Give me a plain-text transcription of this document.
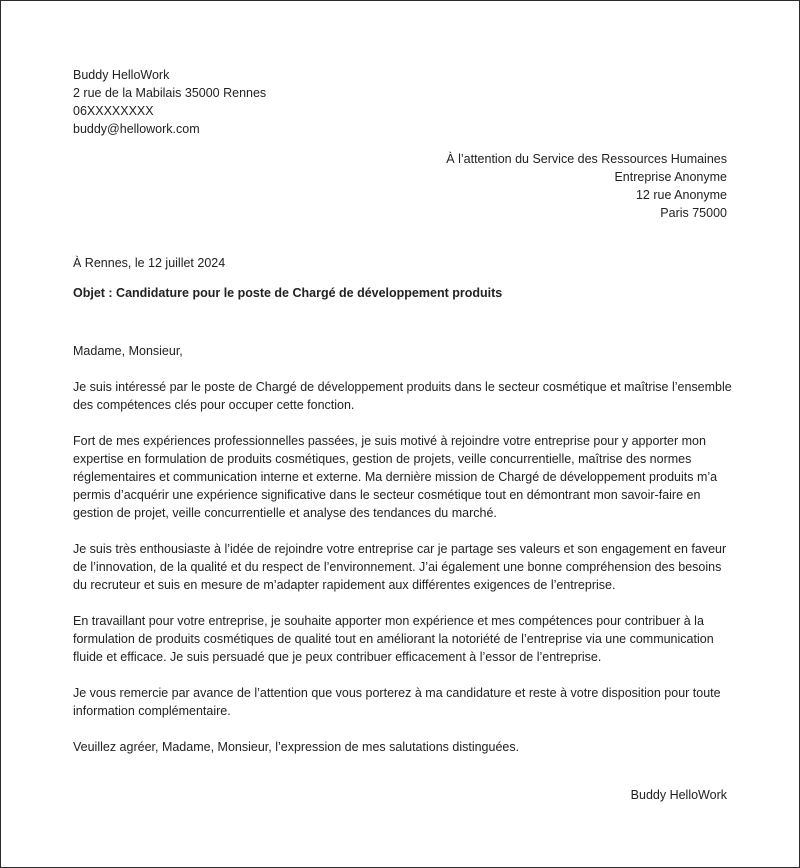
Buddy HelloWork
2 rue de la Mabilais 35000 Rennes
06XXXXXXXX
buddy@hellowork.com
À l’attention du Service des Ressources Humaines
Entreprise Anonyme
12 rue Anonyme
Paris 75000
À Rennes, le 12 juillet 2024
Objet : Candidature pour le poste de Chargé de développement produits

Madame, Monsieur,

Je suis intéressé par le poste de Chargé de développement produits dans le secteur cosmétique et maîtrise l’ensemble des compétences clés pour occuper cette fonction.

Fort de mes expériences professionnelles passées, je suis motivé à rejoindre votre entreprise pour y apporter mon expertise en formulation de produits cosmétiques, gestion de projets, veille concurrentielle, maîtrise des normes réglementaires et communication interne et externe. Ma dernière mission de Chargé de développement produits m’a permis d’acquérir une expérience significative dans le secteur cosmétique tout en démontrant mon savoir-faire en gestion de projet, veille concurrentielle et analyse des tendances du marché.

Je suis très enthousiaste à l’idée de rejoindre votre entreprise car je partage ses valeurs et son engagement en faveur de l’innovation, de la qualité et du respect de l’environnement. J’ai également une bonne compréhension des besoins du recruteur et suis en mesure de m’adapter rapidement aux différentes exigences de l’entreprise.

En travaillant pour votre entreprise, je souhaite apporter mon expérience et mes compétences pour contribuer à la formulation de produits cosmétiques de qualité tout en améliorant la notoriété de l’entreprise via une communication fluide et efficace. Je suis persuadé que je peux contribuer efficacement à l’essor de l’entreprise.

Je vous remercie par avance de l’attention que vous porterez à ma candidature et reste à votre disposition pour toute information complémentaire.

Veuillez agréer, Madame, Monsieur, l’expression de mes salutations distinguées.

Buddy HelloWork
